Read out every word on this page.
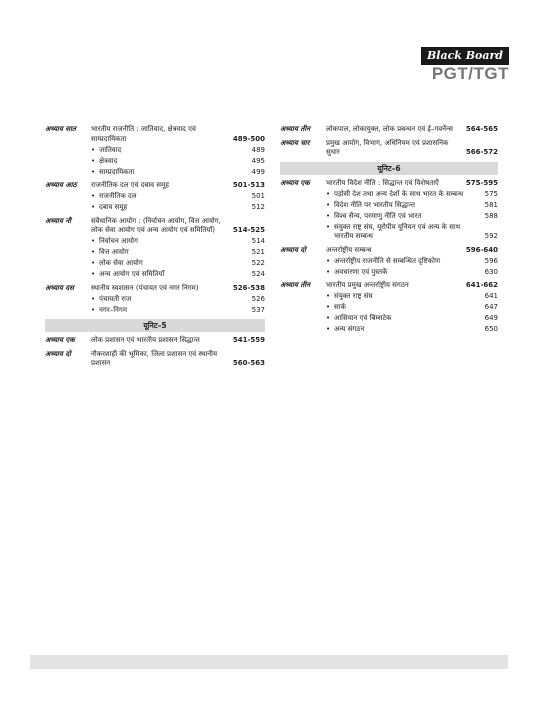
Black Board
PGT/TGT
अध्याय सात	भारतीय राजनीति : जातिवाद, क्षेत्रवाद एवं साम्प्रदायिकता	489-500
• जातिवाद	489
• क्षेत्रवाद	495
• साम्प्रदायिकता	499
अध्याय आठ	राजनीतिक दल एवं दबाव समूह	501-513
• राजनीतिक दल	501
• दबाव समूह	512
अध्याय नौ	संवैधानिक आयोग : (निर्वाचन आयोग, वित्त आयोग, लोक सेवा आयोग एवं अन्य आयोग एवं समितियाँ)	514-525
• निर्वाचन आयोग	514
• वित्त आयोग	521
• लोक सेवा आयोग	522
• अन्य आयोग एवं समितियाँ	524
अध्याय दस	स्थानीय स्वशासन (पंचायत एवं नगर निगम)	526-538
• पंचायती राज	526
• नगर–निगम	537
यूनिट–5
अध्याय एक	लोक प्रशासन एवं भारतीय प्रशासन सिद्धान्त	541-559
अध्याय दो	नौकरशाही की भूमिका, जिला प्रशासन एवं स्थानीय प्रशासन	560-563
अध्याय तीन	लोकपाल, लोकायुक्त, लोक प्रबन्धन एवं ई–गवर्नेन्स	564-565
अध्याय चार	प्रमुख आयोग, विभाग, अधिनियम एवं प्रशासनिक सुधार	566-572
यूनिट–6
अध्याय एक	भारतीय विदेश नीति : सिद्धान्त एवं विशेषताएँ	575-595
• पड़ोसी देश तथा अन्य देशों के साथ भारत के सम्बन्ध	575
• विदेश नीति पर भारतीय सिद्धान्त	581
• विश्व सैन्य, परमाणु नीति एवं भारत	588
• संयुक्त राष्ट्र संघ, यूरोपीय यूनियन एवं अन्य के साथ भारतीय सम्बन्ध	592
अध्याय दो	अन्तर्राष्ट्रीय सम्बन्ध	596-640
• अन्तर्राष्ट्रीय राजनीति से सम्बन्धित दृष्टिकोण	596
• अवधारणा एवं पुस्तकें	630
अध्याय तीन	भारतीय प्रमुख अन्तर्राष्ट्रीय संगठन	641-662
• संयुक्त राष्ट्र संघ	641
• सार्क	647
• आसियान एवं बिम्सटेक	649
• अन्य संगठन	650
